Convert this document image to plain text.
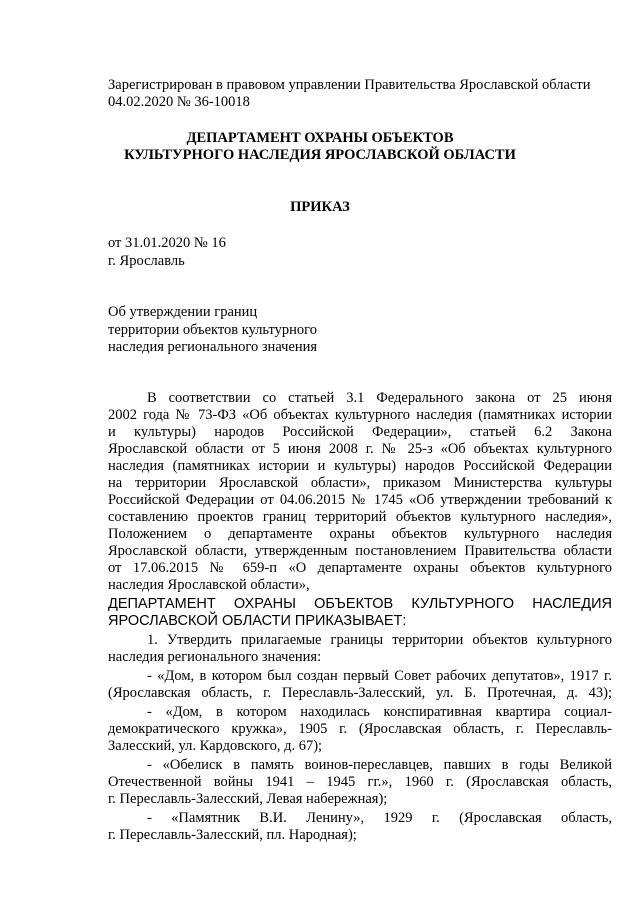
Зарегистрирован в правовом управлении Правительства Ярославской области
04.02.2020 № 36-10018
ДЕПАРТАМЕНТ ОХРАНЫ ОБЪЕКТОВ
КУЛЬТУРНОГО НАСЛЕДИЯ ЯРОСЛАВСКОЙ ОБЛАСТИ
ПРИКАЗ
от 31.01.2020 № 16
г. Ярославль
Об утверждении границ
территории объектов культурного
наследия регионального значения
В соответствии со статьей 3.1 Федерального закона от 25 июня
2002 года № 73-ФЗ «Об объектах культурного наследия (памятниках истории
и культуры) народов Российской Федерации», статьей 6.2 Закона
Ярославской области от 5 июня 2008 г. № 25-з «Об объектах культурного
наследия (памятниках истории и культуры) народов Российской Федерации
на территории Ярославской области», приказом Министерства культуры
Российской Федерации от 04.06.2015 № 1745 «Об утверждении требований к
составлению проектов границ территорий объектов культурного наследия»,
Положением о департаменте охраны объектов культурного наследия
Ярославской области, утвержденным постановлением Правительства области
от 17.06.2015 № 659-п «О департаменте охраны объектов культурного
наследия Ярославской области»,
ДЕПАРТАМЕНТ ОХРАНЫ ОБЪЕКТОВ КУЛЬТУРНОГО НАСЛЕДИЯ
ЯРОСЛАВСКОЙ ОБЛАСТИ ПРИКАЗЫВАЕТ:
1. Утвердить прилагаемые границы территории объектов культурного
наследия регионального значения:
- «Дом, в котором был создан первый Совет рабочих депутатов», 1917 г.
(Ярославская область, г. Переславль-Залесский, ул. Б. Протечная, д. 43);
- «Дом, в котором находилась конспиративная квартира социал-
демократического кружка», 1905 г. (Ярославская область, г. Переславль-
Залесский, ул. Кардовского, д. 67);
- «Обелиск в память воинов-переславцев, павших в годы Великой
Отечественной войны 1941 – 1945 гг.», 1960 г. (Ярославская область,
г. Переславль-Залесский, Левая набережная);
- «Памятник В.И. Ленину», 1929 г. (Ярославская область,
г. Переславль-Залесский, пл. Народная);
